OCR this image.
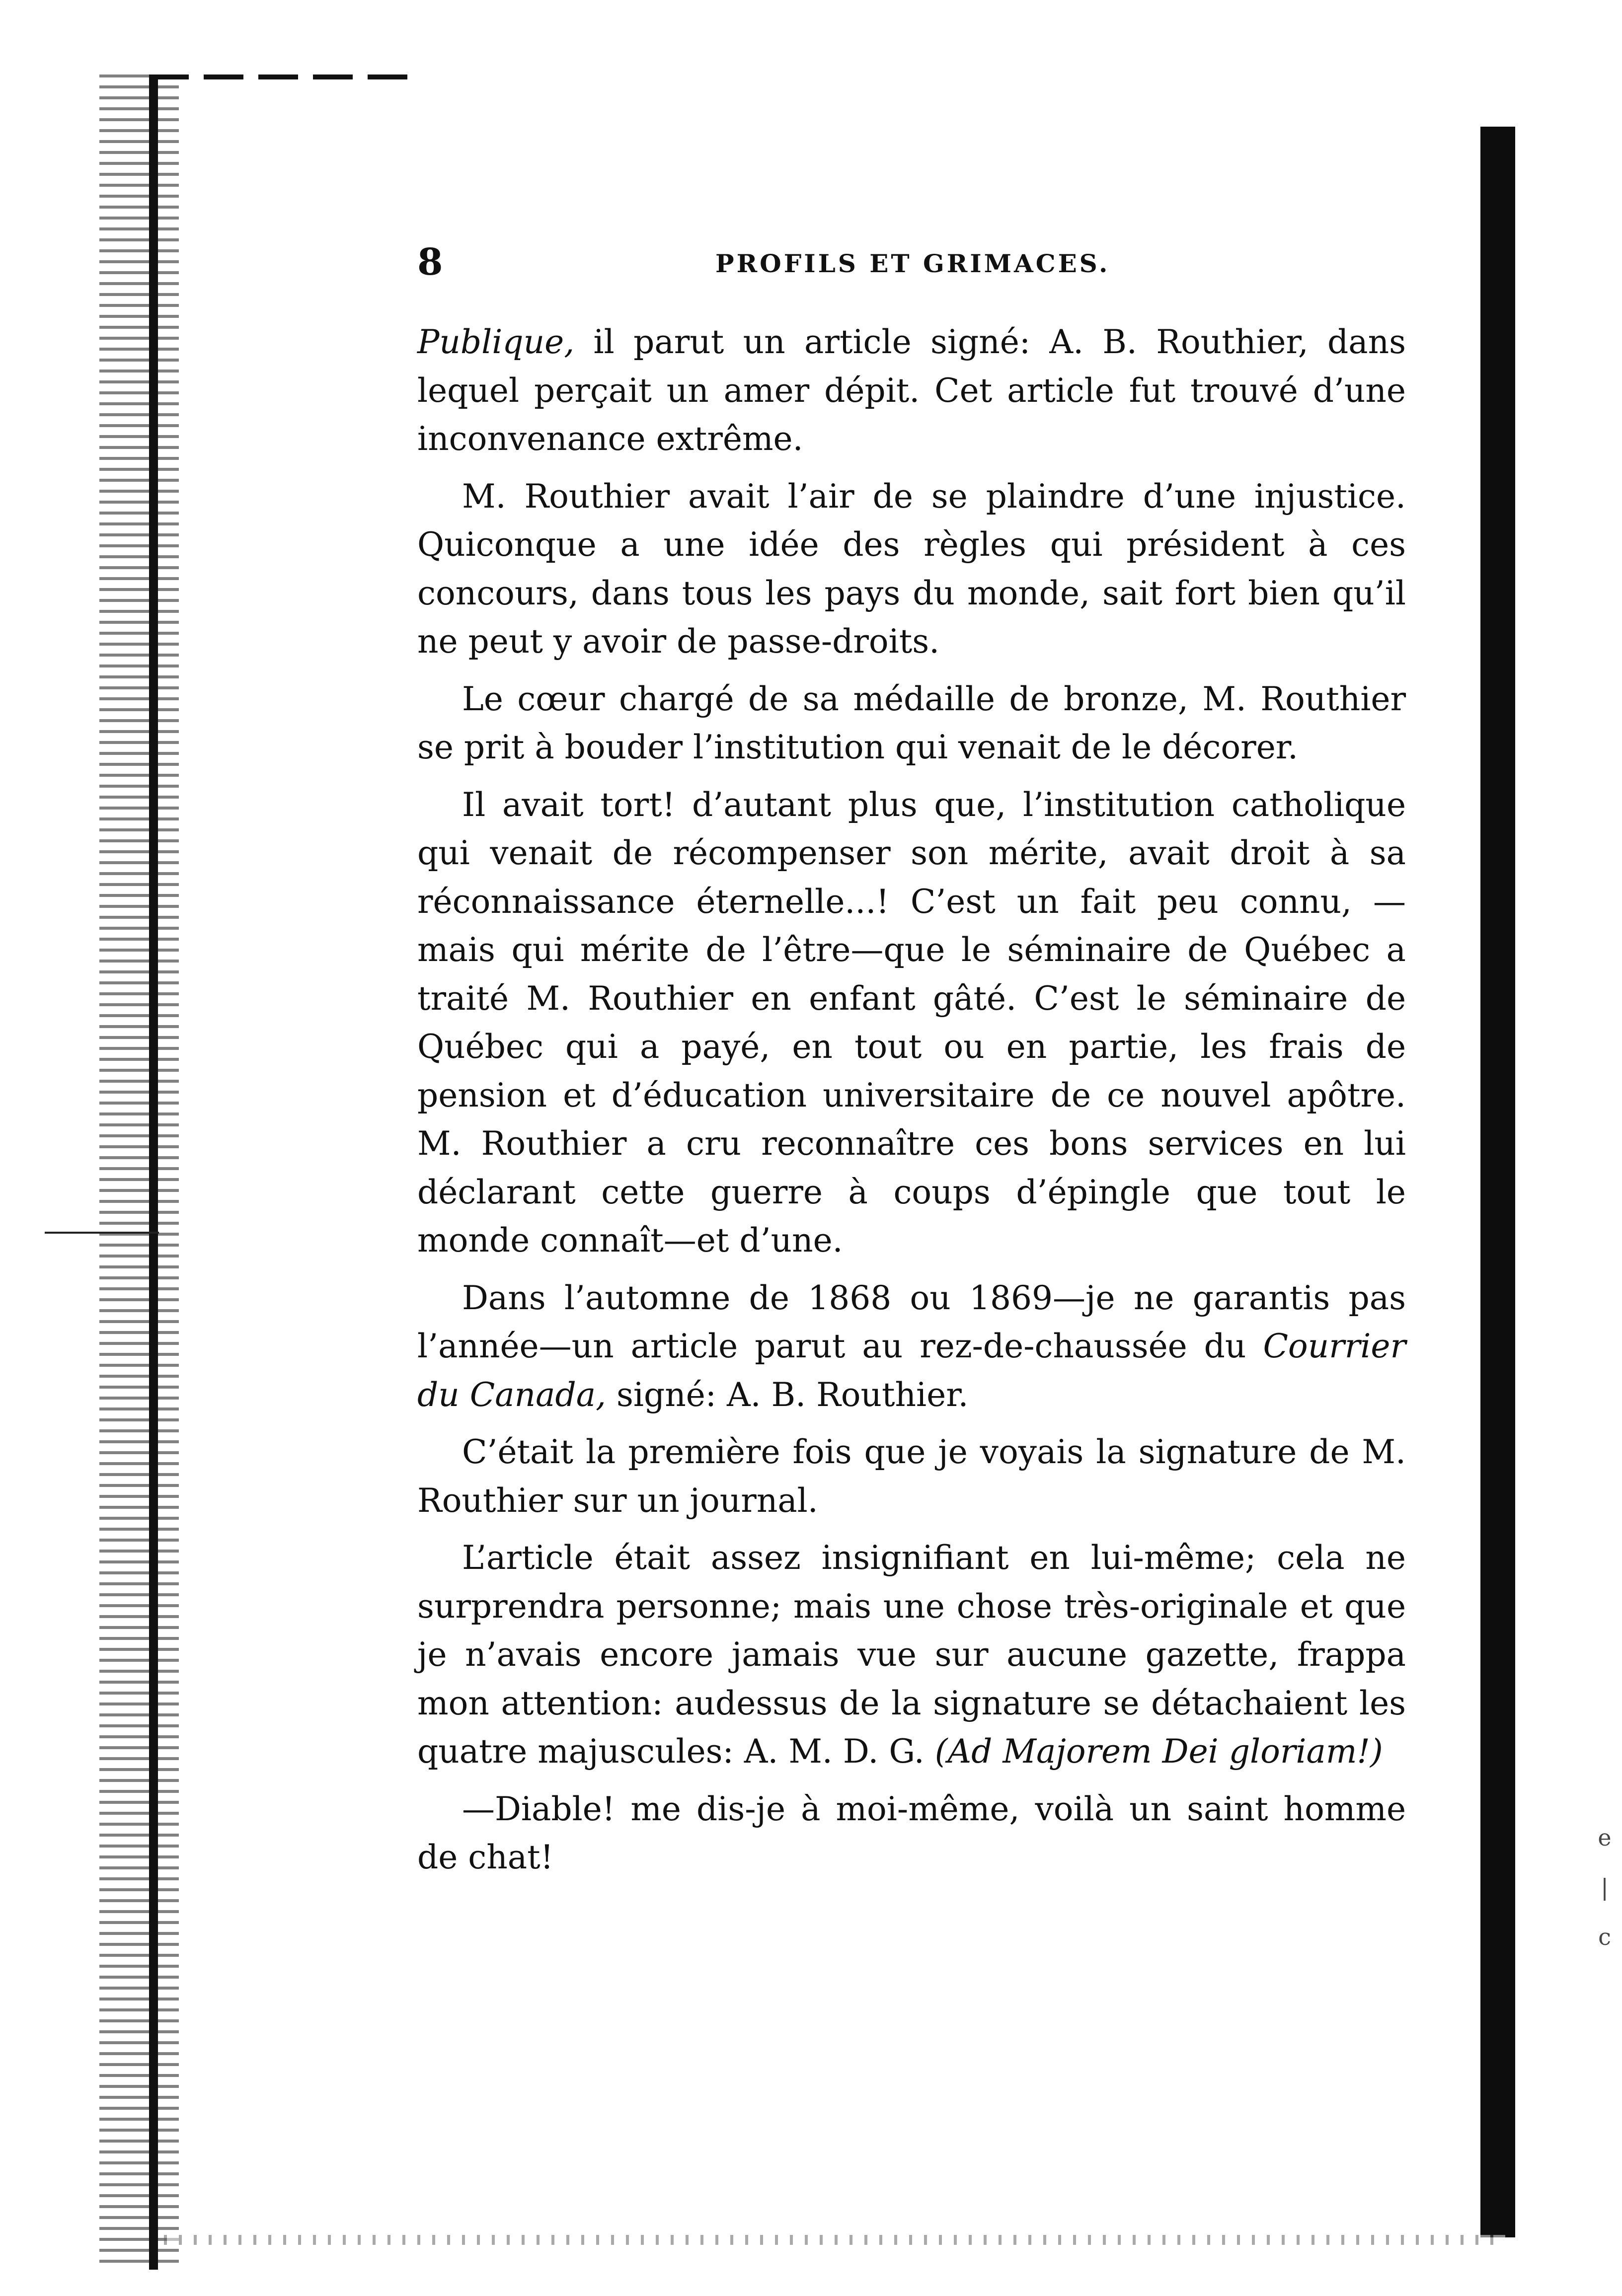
e
|
c
8	PROFILS ET GRIMACES.

Publique, il parut un article signé: A. B. Routhier, dans lequel perçait un amer dépit. Cet article fut trouvé d’une inconvenance extrême.

M. Routhier avait l’air de se plaindre d’une injustice. Quiconque a une idée des règles qui président à ces concours, dans tous les pays du monde, sait fort bien qu’il ne peut y avoir de passe-droits.

Le cœur chargé de sa médaille de bronze, M. Routhier se prit à bouder l’institution qui venait de le décorer.

Il avait tort! d’autant plus que, l’institution catholique qui venait de récompenser son mérite, avait droit à sa réconnaissance éternelle...! C’est un fait peu connu, —mais qui mérite de l’être—que le séminaire de Québec a traité M. Routhier en enfant gâté. C’est le séminaire de Québec qui a payé, en tout ou en partie, les frais de pension et d’éducation universitaire de ce nouvel apôtre. M. Routhier a cru reconnaître ces bons services en lui déclarant cette guerre à coups d’épingle que tout le monde connaît—et d’une.

Dans l’automne de 1868 ou 1869—je ne garantis pas l’année—un article parut au rez-de-chaussée du Courrier du Canada, signé: A. B. Routhier.

C’était la première fois que je voyais la signature de M. Routhier sur un journal.

L’article était assez insignifiant en lui-même; cela ne surprendra personne; mais une chose très-originale et que je n’avais encore jamais vue sur aucune gazette, frappa mon attention: audessus de la signature se détachaient les quatre majuscules: A. M. D. G. (Ad Majorem Dei gloriam!)

—Diable! me dis-je à moi-même, voilà un saint homme de chat!
